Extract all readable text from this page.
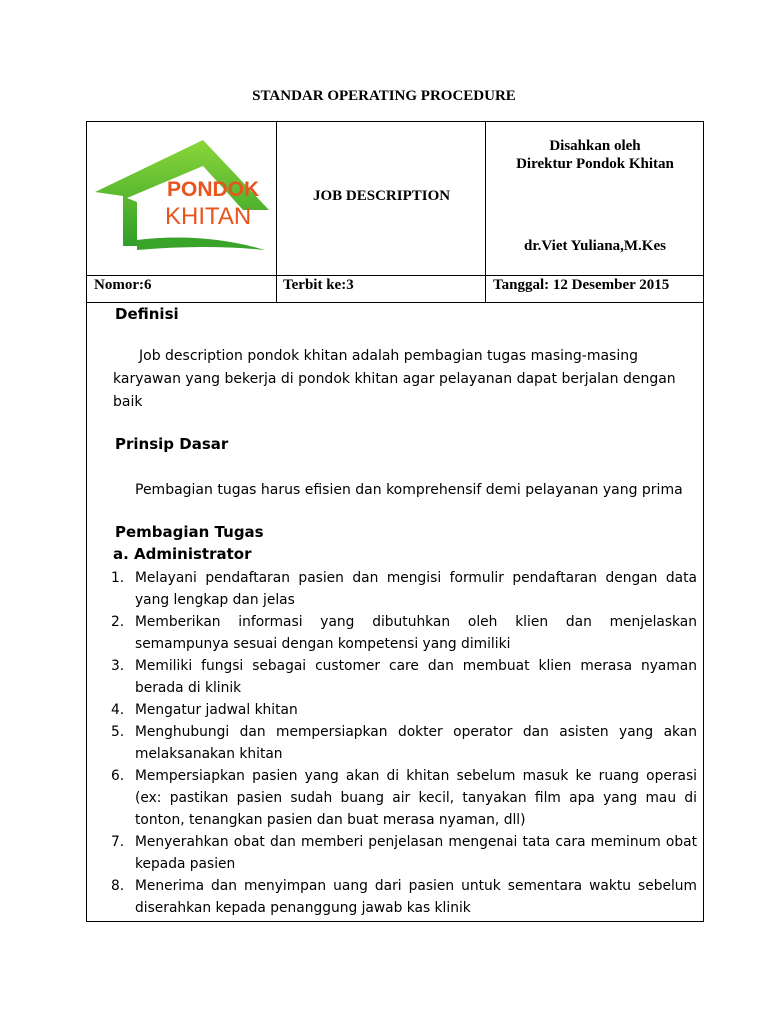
STANDAR OPERATING PROCEDURE
PONDOK
KHITAN
JOB DESCRIPTION
Disahkan oleh
Direktur Pondok Khitan
dr.Viet Yuliana,M.Kes
Nomor:6	Terbit ke:3	Tanggal: 12 Desember 2015
Definisi
Job description pondok khitan adalah pembagian tugas masing-masing karyawan yang bekerja di pondok khitan agar pelayanan dapat berjalan dengan baik
Prinsip Dasar
Pembagian tugas harus efisien dan komprehensif demi pelayanan yang prima
Pembagian Tugas
a. Administrator
1. Melayani pendaftaran pasien dan mengisi formulir pendaftaran dengan data yang lengkap dan jelas
2. Memberikan informasi yang dibutuhkan oleh klien dan menjelaskan semampunya sesuai dengan kompetensi yang dimiliki
3. Memiliki fungsi sebagai customer care dan membuat klien merasa nyaman berada di klinik
4. Mengatur jadwal khitan
5. Menghubungi dan mempersiapkan dokter operator dan asisten yang akan melaksanakan khitan
6. Mempersiapkan pasien yang akan di khitan sebelum masuk ke ruang operasi (ex: pastikan pasien sudah buang air kecil, tanyakan film apa yang mau di tonton, tenangkan pasien dan buat merasa nyaman, dll)
7. Menyerahkan obat dan memberi penjelasan mengenai tata cara meminum obat kepada pasien
8. Menerima dan menyimpan uang dari pasien untuk sementara waktu sebelum diserahkan kepada penanggung jawab kas klinik
